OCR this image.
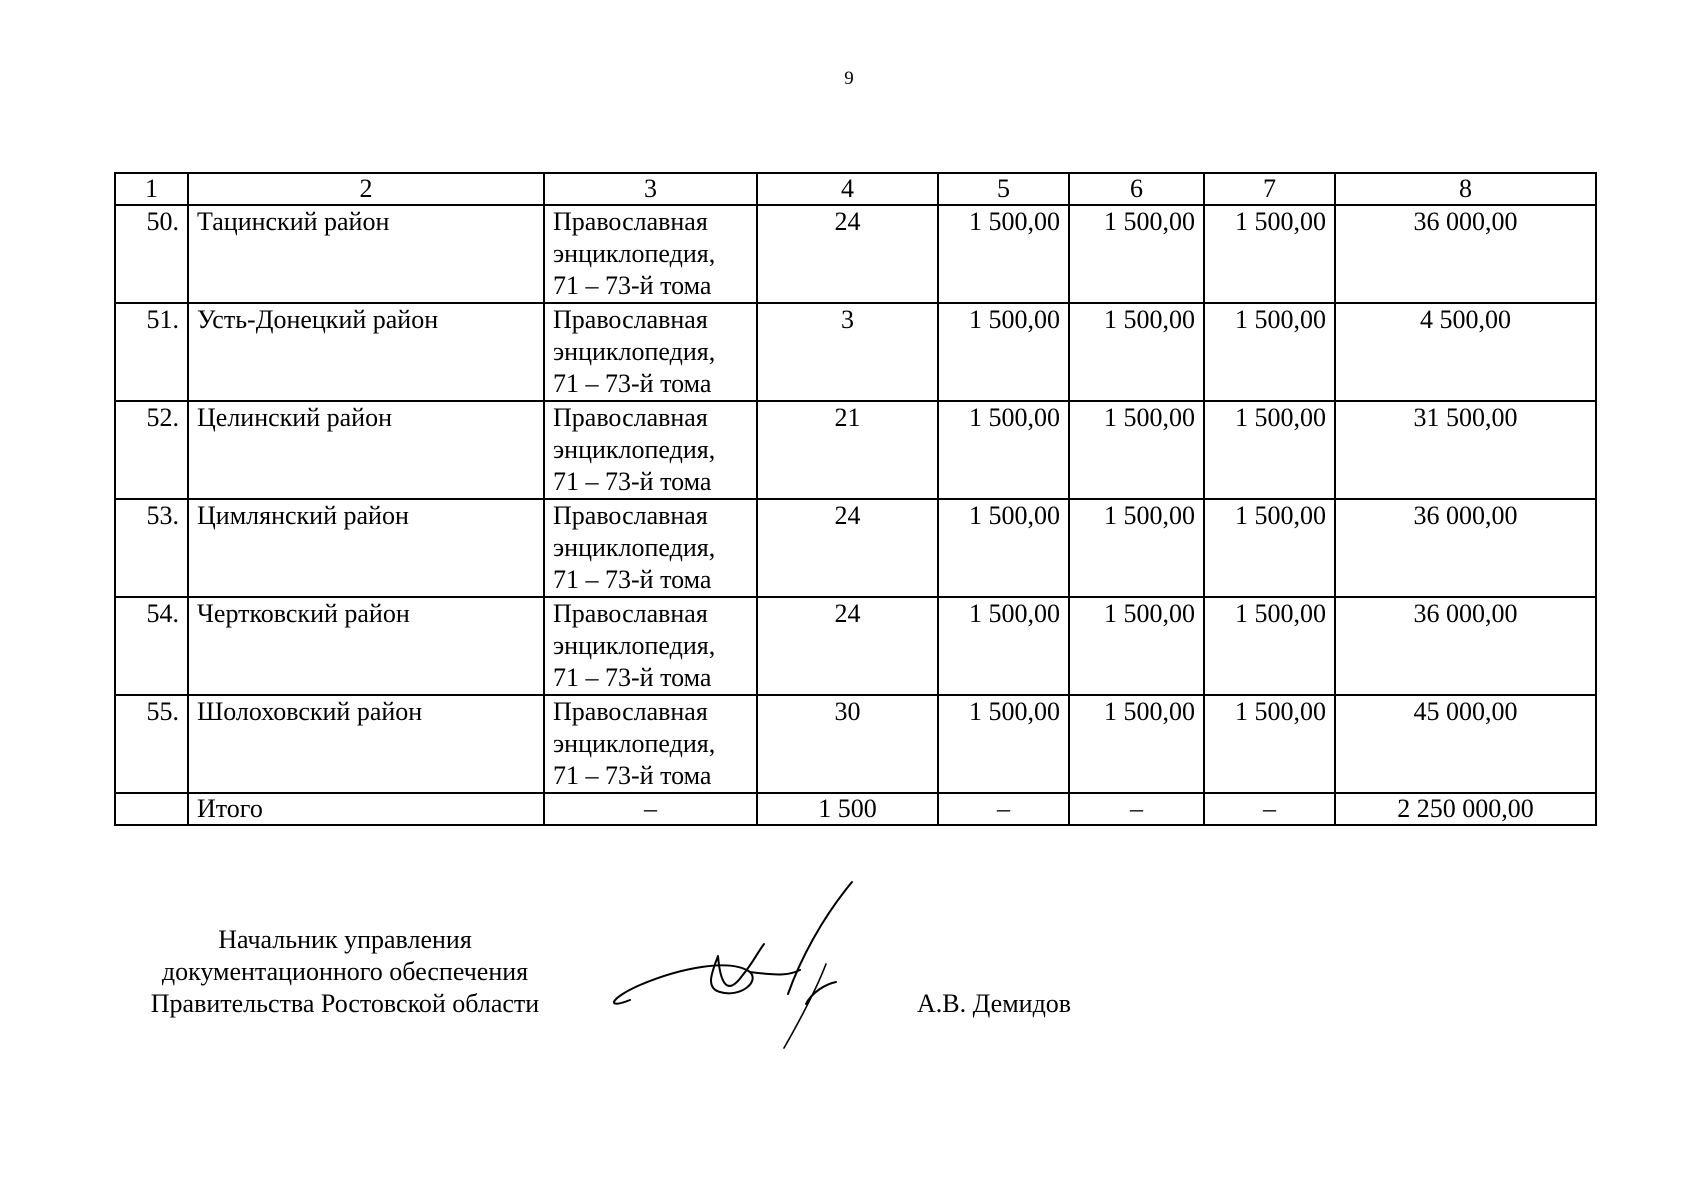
9
1	2	3	4	5	6	7	8
50.	Тацинский район	Православная
энциклопедия,
71 – 73-й тома	24	1 500,00	1 500,00	1 500,00	36 000,00
51.	Усть-Донецкий район	Православная
энциклопедия,
71 – 73-й тома	3	1 500,00	1 500,00	1 500,00	4 500,00
52.	Целинский район	Православная
энциклопедия,
71 – 73-й тома	21	1 500,00	1 500,00	1 500,00	31 500,00
53.	Цимлянский район	Православная
энциклопедия,
71 – 73-й тома	24	1 500,00	1 500,00	1 500,00	36 000,00
54.	Чертковский район	Православная
энциклопедия,
71 – 73-й тома	24	1 500,00	1 500,00	1 500,00	36 000,00
55.	Шолоховский район	Православная
энциклопедия,
71 – 73-й тома	30	1 500,00	1 500,00	1 500,00	45 000,00
	Итого	–	1 500	–	–	–	2 250 000,00
Начальник управления
документационного обеспечения
Правительства Ростовской области	А.В. Демидов
